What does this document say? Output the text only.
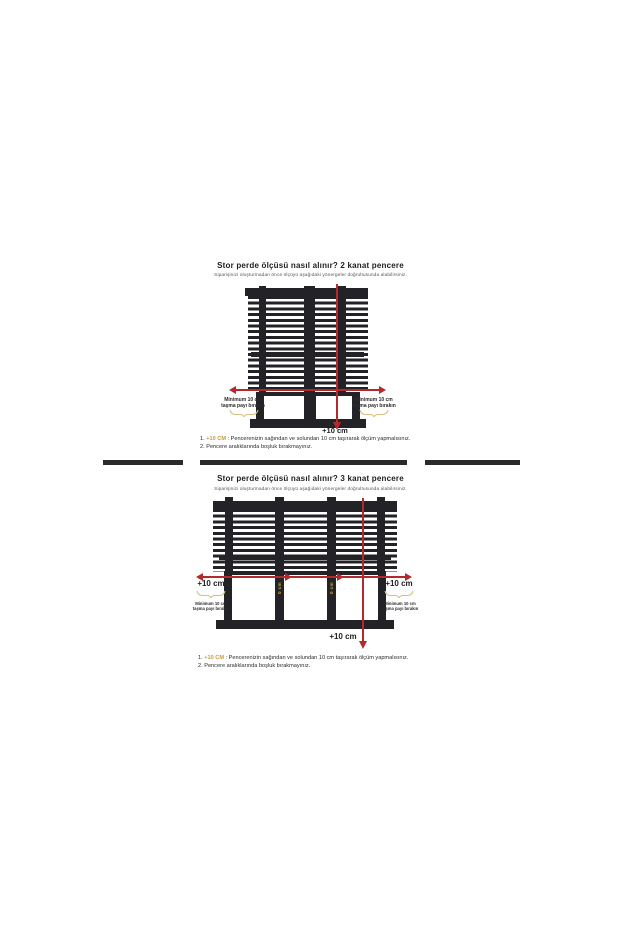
Stor perde ölçüsü nasıl alınır? 2 kanat pencere
Siparişinizi oluşturmadan önce ölçüyü aşağıdaki yönergeler doğrultusunda alabilirsiniz.
Minimum 10 cm
taşma payı bırakın
Minimum 10 cm
taşma payı bırakın
+10 cm
1. +10 CM : Pencerenizin sağından ve solundan 10 cm taşırarak ölçüm yapmalısınız.
2. Pencere aralıklarında boşluk bırakmayınız.
Stor perde ölçüsü nasıl alınır? 3 kanat pencere
Siparişinizi oluşturmadan önce ölçüyü aşağıdaki yönergeler doğrultusunda alabilirsiniz.
+10 cm	+10 cm
Minimum 10 cm
taşma payı bırakın
Minimum 10 cm
taşma payı bırakın
0 cm	0 cm
+10 cm
1. +10 CM : Pencerenizin sağından ve solundan 10 cm taşırarak ölçüm yapmalısınız.
2. Pencere aralıklarında boşluk bırakmayınız.
